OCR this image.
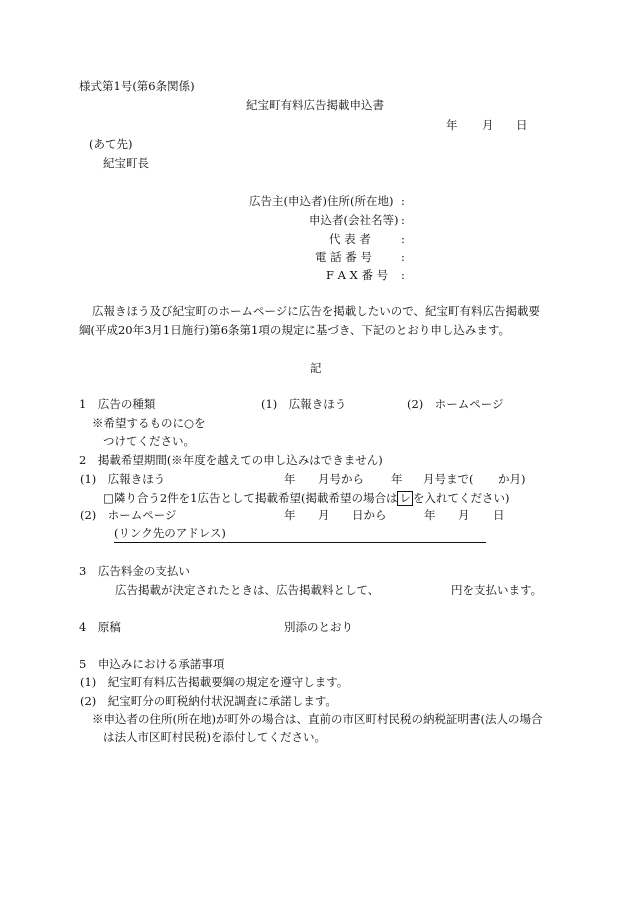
様式第1号(第6条関係)
紀宝町有料広告掲載申込書
年 月 日
(あて先)
紀宝町長
広告主(申込者)住所(所在地) :
申込者(会社名等) :
代 表 者	:
電 話 番 号	:
F A X 番 号 :
広報きほう及び紀宝町のホームページに広告を掲載したいので、紀宝町有料広告掲載要
綱(平成20年3月1日施行)第6条第1項の規定に基づき、下記のとおり申し込みます。
記
1　広告の種類	(1)　広報きほう	(2)　ホームページ
※希望するものに○を
つけてください。
2　掲載希望期間(※年度を越えての申し込みはできません)
(1)　広報きほう	年 月号から 年 月号まで( か月)
□隣り合う2件を1広告として掲載希望(掲載希望の場合は レ を入れてください)
(2)　ホームページ	年 月 日から	年 月 日
(リンク先のアドレス)
3　広告料金の支払い
広告掲載が決定されたときは、広告掲載料として、	円を支払います。
4　原稿	別添のとおり
5　申込みにおける承諾事項
(1)　紀宝町有料広告掲載要綱の規定を遵守します。
(2)　紀宝町分の町税納付状況調査に承諾します。
※申込者の住所(所在地)が町外の場合は、直前の市区町村民税の納税証明書(法人の場合
は法人市区町村民税)を添付してください。
